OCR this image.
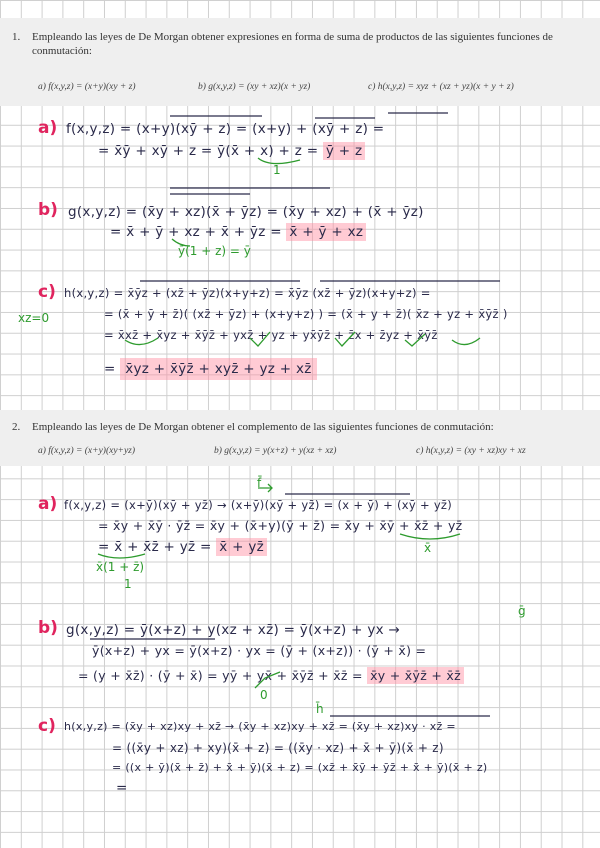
1. Empleando las leyes de De Morgan obtener expresiones en forma de suma de productos de las siguientes funciones de conmutación:
a) f(x,y,z) = (x+y)(xy + z)	b) g(x,y,z) = (xy + xz)(x + yz)	c) h(x,y,z) = xyz + (xz + yz)(x + y + z)
a) f(x,y,z) = (x+y)(xȳ + z) = (x+y) + (xȳ + z) =
= x̄ȳ + xȳ + z = ȳ(x̄ + x) + z = ȳ + z
1
b) g(x,y,z) = (x̄y + xz)(x̄ + ȳz) = (x̄y + xz) + (x̄ + ȳz)
= x̄ + ȳ + xz + x̄ + ȳz = x̄ + ȳ + xz
ȳ(1 + z) = ȳ
xz=0
c) h(x,y,z) = x̄ȳz + (xz̄ + ȳz)(x+y+z) = x̄ȳz (xz̄ + ȳz)(x+y+z) =
= (x̄ + ȳ + z̄)( (xz̄ + ȳz) + (x+y+z) ) = (x̄ + y + z̄)( x̄z + yz + x̄ȳz̄ )
= x̄xz̄ + x̄yz + x̄ȳz̄ + yxz̄ + yz + yx̄ȳz̄ + z̄x + z̄yz + x̄ȳz̄
= x̄yz + x̄ȳz̄ + xyz̄ + yz + xz̄
2. Empleando las leyes de De Morgan obtener el complemento de las siguientes funciones de conmutación:
a) f(x,y,z) = (x+y)(xy+yz)	b) g(x,y,z) = y(x+z) + y(xz + xz)	c) h(x,y,z) = (xy + xz)xy + xz
f̄
a) f(x,y,z) = (x+ȳ)(xȳ + yz̄) → (x+ȳ)(xȳ + yz̄) = (x + ȳ) + (xȳ + yz̄)
= x̄y + x̄ȳ · ȳz̄ = x̄y + (x̄+y)(ȳ + z̄) = x̄y + x̄ȳ + x̄z̄ + yz̄
= x̄ + x̄z̄ + yz̄ = x̄ + yz̄	x̄
x̄(1 + z̄)
1
b) g(x,y,z) = ȳ(x+z) + y(xz + xz̄) = ȳ(x+z) + yx →
ḡ
ȳ(x+z) + yx = ȳ(x+z) · yx = (ȳ + (x+z)) · (ȳ + x̄) =
= (y + x̄z̄) · (ȳ + x̄) = yȳ + yx̄ + x̄ȳz̄ + x̄z̄ = x̄y + x̄ȳz̄ + x̄z̄
0
c)
h̄
h(x,y,z) = (x̄y + xz)xy + xz̄ → (x̄y + xz)xy + xz̄ = (x̄y + xz)xy · xz̄ =
= ((x̄y + xz) + xy)(x̄ + z) = ((x̄y · xz) + x̄ + ȳ)(x̄ + z)
= ((x + ȳ)(x̄ + z̄) + x̄ + ȳ)(x̄ + z) = (xz̄ + x̄ȳ + ȳz̄ + x̄ + ȳ)(x̄ + z)
=
